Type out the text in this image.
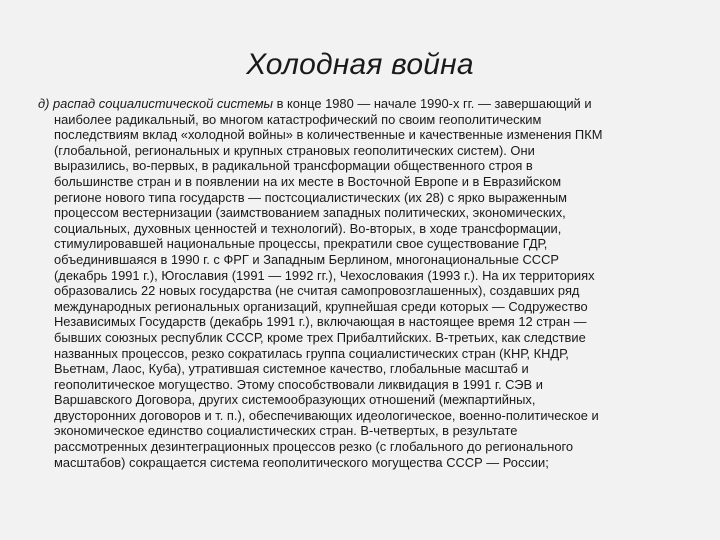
Холодная война
д) распад социалистической системы в конце 1980 — начале 1990-х гг. — завершающий и
наиболее радикальный, во многом катастрофический по своим геополитическим
последствиям вклад «холодной войны» в количественные и качественные изменения ПКМ
(глобальной, региональных и крупных страновых геополитических систем). Они
выразились, во-первых, в радикальной трансформации общественного строя в
большинстве стран и в появлении на их месте в Восточной Европе и в Евразийском
регионе нового типа государств — постсоциалистических (их 28) с ярко выраженным
процессом вестернизации (заимствованием западных политических, экономических,
социальных, духовных ценностей и технологий). Во-вторых, в ходе трансформации,
стимулировавшей национальные процессы, прекратили свое существование ГДР,
объединившаяся в 1990 г. с ФРГ и Западным Берлином, многонациональные СССР
(декабрь 1991 г.), Югославия (1991 — 1992 гг.), Чехословакия (1993 г.). На их территориях
образовались 22 новых государства (не считая самопровозглашенных), создавших ряд
международных региональных организаций, крупнейшая среди которых — Содружество
Независимых Государств (декабрь 1991 г.), включающая в настоящее время 12 стран —
бывших союзных республик СССР, кроме трех Прибалтийских. В-третьих, как следствие
названных процессов, резко сократилась группа социалистических стран (КНР, КНДР,
Вьетнам, Лаос, Куба), утратившая системное качество, глобальные масштаб и
геополитическое могущество. Этому способствовали ликвидация в 1991 г. СЭВ и
Варшавского Договора, других системообразующих отношений (межпартийных,
двусторонних договоров и т. п.), обеспечивающих идеологическое, военно-политическое и
экономическое единство социалистических стран. В-четвертых, в результате
рассмотренных дезинтеграционных процессов резко (с глобального до регионального
масштабов) сокращается система геополитического могущества СССР — России;
